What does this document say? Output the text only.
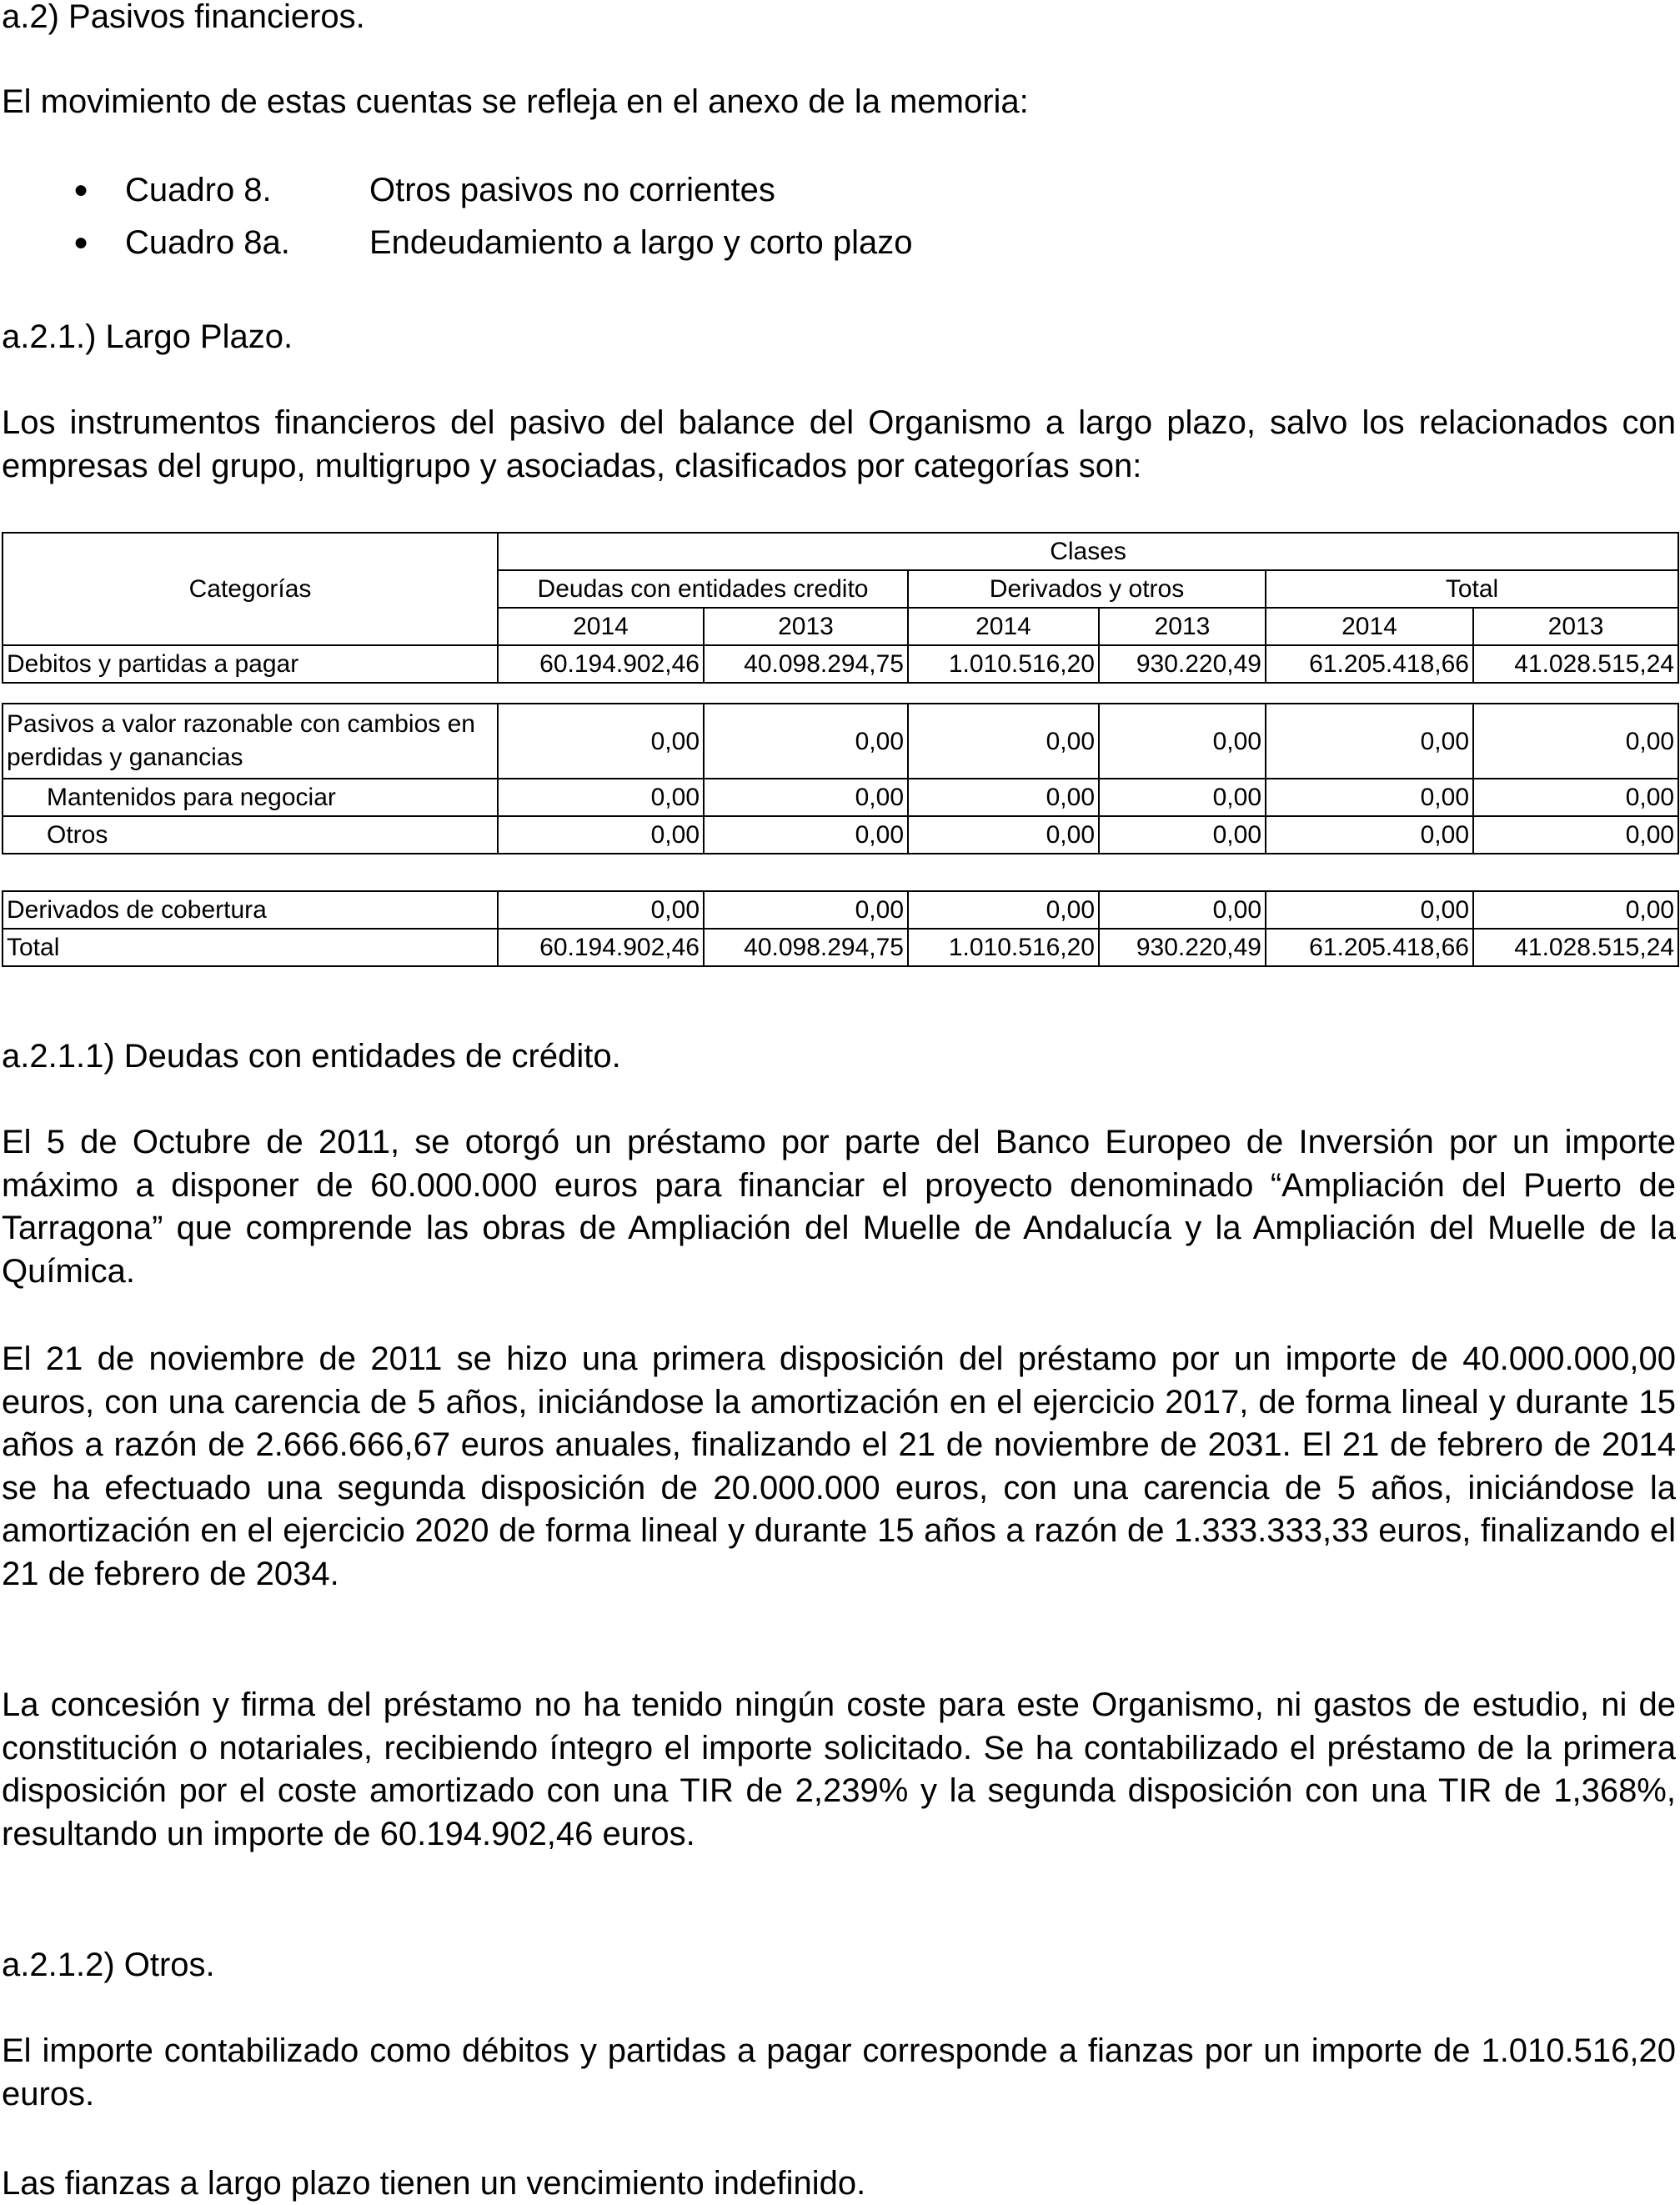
a.2) Pasivos financieros.

El movimiento de estas cuentas se refleja en el anexo de la memoria:

● Cuadro 8.	Otros pasivos no corrientes
● Cuadro 8a. Endeudamiento a largo y corto plazo

a.2.1.) Largo Plazo.

Los instrumentos financieros del pasivo del balance del Organismo a largo plazo, salvo los relacionados con empresas del grupo, multigrupo y asociadas, clasificados por categorías son:

Categorías	Clases					
	Deudas con entidades credito		Derivados y otros		Total	
	2014	2013	2014	2013	2014	2013
Debitos y partidas a pagar	60.194.902,46	40.098.294,75	1.010.516,20	930.220,49	61.205.418,66	41.028.515,24

Pasivos a valor razonable con cambios en perdidas y ganancias	0,00	0,00	0,00	0,00	0,00	0,00
Mantenidos para negociar	0,00	0,00	0,00	0,00	0,00	0,00
Otros	0,00	0,00	0,00	0,00	0,00	0,00

Derivados de cobertura	0,00	0,00	0,00	0,00	0,00	0,00
Total	60.194.902,46	40.098.294,75	1.010.516,20	930.220,49	61.205.418,66	41.028.515,24

a.2.1.1) Deudas con entidades de crédito.

El 5 de Octubre de 2011, se otorgó un préstamo por parte del Banco Europeo de Inversión por un importe máximo a disponer de 60.000.000 euros para financiar el proyecto denominado “Ampliación del Puerto de Tarragona” que comprende las obras de Ampliación del Muelle de Andalucía y la Ampliación del Muelle de la Química.

El 21 de noviembre de 2011 se hizo una primera disposición del préstamo por un importe de 40.000.000,00 euros, con una carencia de 5 años, iniciándose la amortización en el ejercicio 2017, de forma lineal y durante 15 años a razón de 2.666.666,67 euros anuales, finalizando el 21 de noviembre de 2031. El 21 de febrero de 2014 se ha efectuado una segunda disposición de 20.000.000 euros, con una carencia de 5 años, iniciándose la amortización en el ejercicio 2020 de forma lineal y durante 15 años a razón de 1.333.333,33 euros, finalizando el 21 de febrero de 2034.

La concesión y firma del préstamo no ha tenido ningún coste para este Organismo, ni gastos de estudio, ni de constitución o notariales, recibiendo íntegro el importe solicitado. Se ha contabilizado el préstamo de la primera disposición por el coste amortizado con una TIR de 2,239% y la segunda disposición con una TIR de 1,368%, resultando un importe de 60.194.902,46 euros.

a.2.1.2) Otros.

El importe contabilizado como débitos y partidas a pagar corresponde a fianzas por un importe de 1.010.516,20 euros.

Las fianzas a largo plazo tienen un vencimiento indefinido.
